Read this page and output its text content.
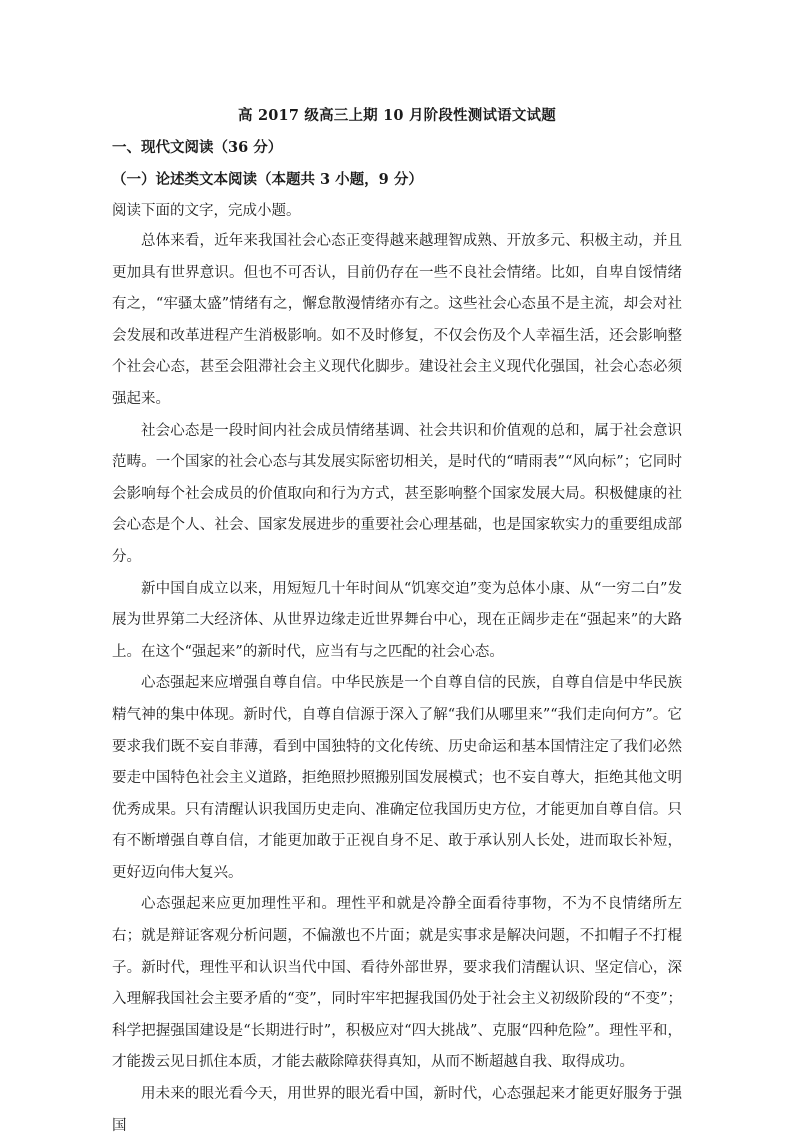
高 2017 级高三上期 10 月阶段性测试语文试题
一、现代文阅读（36 分）
（一）论述类文本阅读（本题共 3 小题，9 分）
阅读下面的文字，完成小题。

总体来看，近年来我国社会心态正变得越来越理智成熟、开放多元、积极主动，并且更加具有世界意识。但也不可否认，目前仍存在一些不良社会情绪。比如，自卑自馁情绪有之，“牢骚太盛”情绪有之，懈怠散漫情绪亦有之。这些社会心态虽不是主流，却会对社会发展和改革进程产生消极影响。如不及时修复，不仅会伤及个人幸福生活，还会影响整个社会心态，甚至会阻滞社会主义现代化脚步。建设社会主义现代化强国，社会心态必须强起来。

社会心态是一段时间内社会成员情绪基调、社会共识和价值观的总和，属于社会意识范畴。一个国家的社会心态与其发展实际密切相关，是时代的“晴雨表”“风向标”；它同时会影响每个社会成员的价值取向和行为方式，甚至影响整个国家发展大局。积极健康的社会心态是个人、社会、国家发展进步的重要社会心理基础，也是国家软实力的重要组成部分。

新中国自成立以来，用短短几十年时间从“饥寒交迫”变为总体小康、从“一穷二白”发展为世界第二大经济体、从世界边缘走近世界舞台中心，现在正阔步走在“强起来”的大路上。在这个“强起来”的新时代，应当有与之匹配的社会心态。

心态强起来应增强自尊自信。中华民族是一个自尊自信的民族，自尊自信是中华民族精气神的集中体现。新时代，自尊自信源于深入了解“我们从哪里来”“我们走向何方”。它要求我们既不妄自菲薄，看到中国独特的文化传统、历史命运和基本国情注定了我们必然要走中国特色社会主义道路，拒绝照抄照搬别国发展模式；也不妄自尊大，拒绝其他文明优秀成果。只有清醒认识我国历史走向、准确定位我国历史方位，才能更加自尊自信。只有不断增强自尊自信，才能更加敢于正视自身不足、敢于承认别人长处，进而取长补短，更好迈向伟大复兴。

心态强起来应更加理性平和。理性平和就是冷静全面看待事物，不为不良情绪所左右；就是辩证客观分析问题，不偏激也不片面；就是实事求是解决问题，不扣帽子不打棍子。新时代，理性平和认识当代中国、看待外部世界，要求我们清醒认识、坚定信心，深入理解我国社会主要矛盾的“变”，同时牢牢把握我国仍处于社会主义初级阶段的“不变”；科学把握强国建设是“长期进行时”，积极应对“四大挑战”、克服“四种危险”。理性平和，才能拨云见日抓住本质，才能去蔽除障获得真知，从而不断超越自我、取得成功。

用未来的眼光看今天，用世界的眼光看中国，新时代，心态强起来才能更好服务于强国
